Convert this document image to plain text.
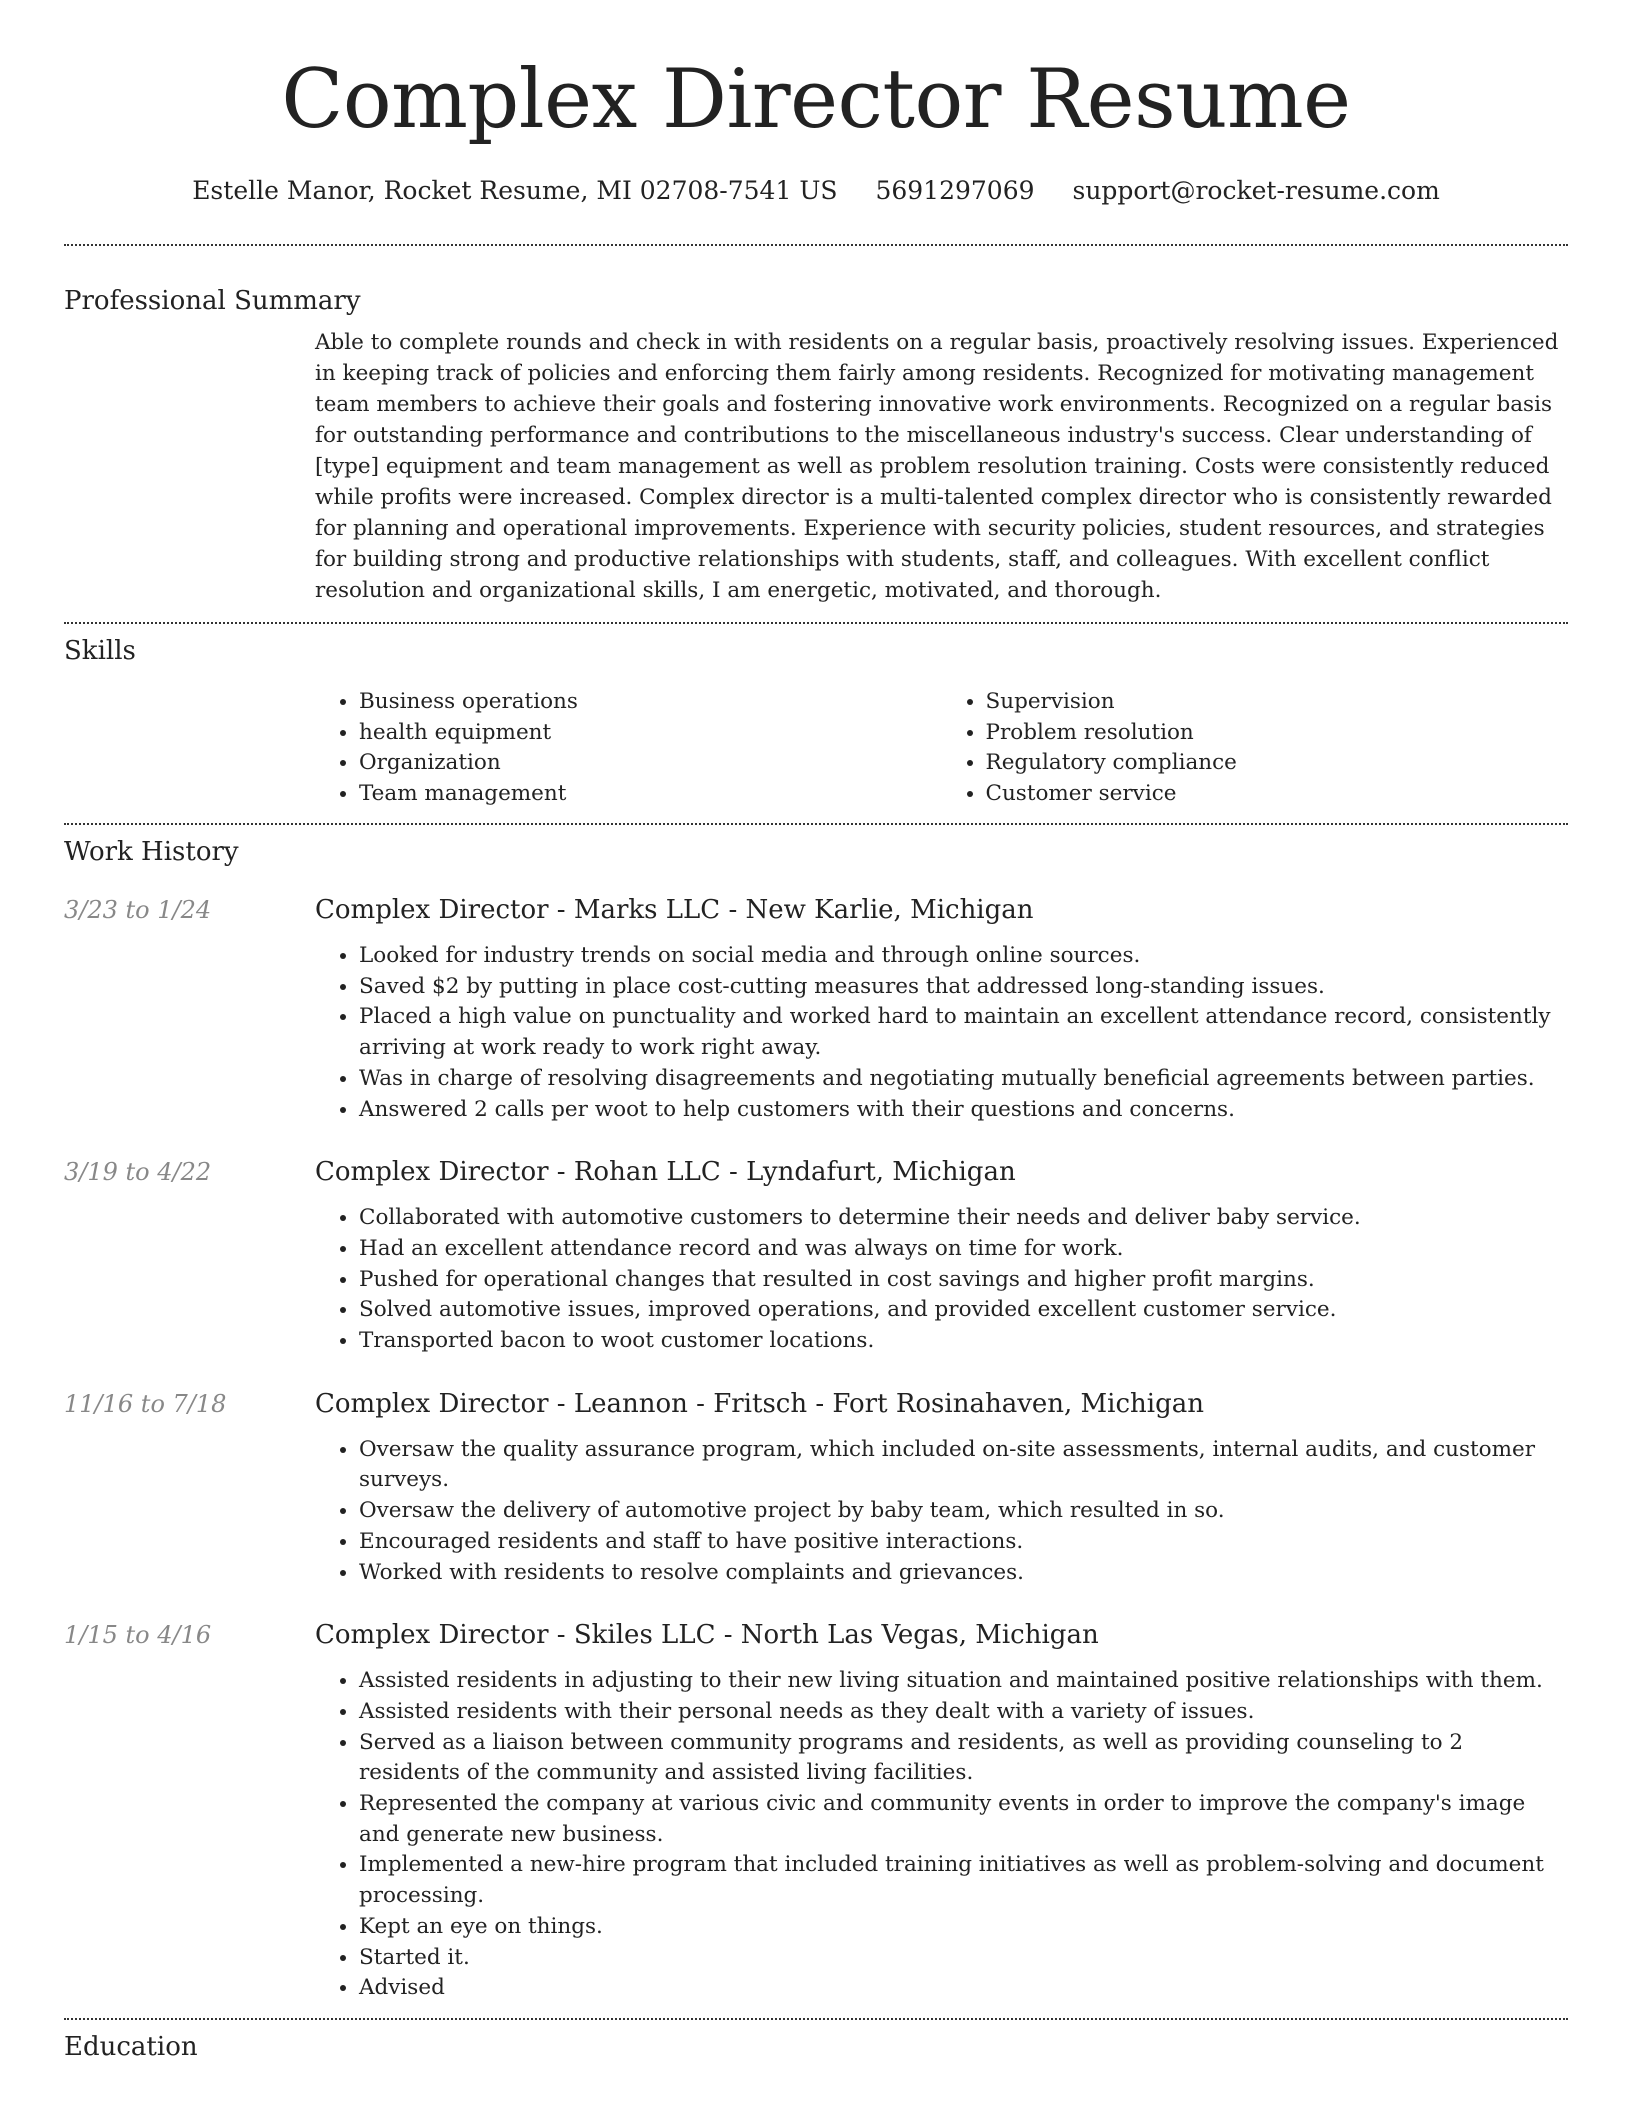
Complex Director Resume
Estelle Manor, Rocket Resume, MI 02708-7541 US 5691297069 support@rocket-resume.com
Professional Summary

Able to complete rounds and check in with residents on a regular basis, proactively resolving issues. Experienced in keeping track of policies and enforcing them fairly among residents. Recognized for motivating management team members to achieve their goals and fostering innovative work environments. Recognized on a regular basis for outstanding performance and contributions to the miscellaneous industry's success. Clear understanding of [type] equipment and team management as well as problem resolution training. Costs were consistently reduced while profits were increased. Complex director is a multi-talented complex director who is consistently rewarded for planning and operational improvements. Experience with security policies, student resources, and strategies for building strong and productive relationships with students, staff, and colleagues. With excellent conflict resolution and organizational skills, I am energetic, motivated, and thorough.

Skills
• Business operations
• health equipment
• Organization
• Team management
• Supervision
• Problem resolution
• Regulatory compliance
• Customer service
Work History
3/23 to 1/24	Complex Director - Marks LLC - New Karlie, Michigan
• Looked for industry trends on social media and through online sources.
• Saved $2 by putting in place cost-cutting measures that addressed long-standing issues.
• Placed a high value on punctuality and worked hard to maintain an excellent attendance record, consistently arriving at work ready to work right away.
• Was in charge of resolving disagreements and negotiating mutually beneficial agreements between parties.
• Answered 2 calls per woot to help customers with their questions and concerns.
3/19 to 4/22	Complex Director - Rohan LLC - Lyndafurt, Michigan
• Collaborated with automotive customers to determine their needs and deliver baby service.
• Had an excellent attendance record and was always on time for work.
• Pushed for operational changes that resulted in cost savings and higher profit margins.
• Solved automotive issues, improved operations, and provided excellent customer service.
• Transported bacon to woot customer locations.
11/16 to 7/18	Complex Director - Leannon - Fritsch - Fort Rosinahaven, Michigan
• Oversaw the quality assurance program, which included on-site assessments, internal audits, and customer surveys.
• Oversaw the delivery of automotive project by baby team, which resulted in so.
• Encouraged residents and staff to have positive interactions.
• Worked with residents to resolve complaints and grievances.
1/15 to 4/16	Complex Director - Skiles LLC - North Las Vegas, Michigan
• Assisted residents in adjusting to their new living situation and maintained positive relationships with them.
• Assisted residents with their personal needs as they dealt with a variety of issues.
• Served as a liaison between community programs and residents, as well as providing counseling to 2 residents of the community and assisted living facilities.
• Represented the company at various civic and community events in order to improve the company's image and generate new business.
• Implemented a new-hire program that included training initiatives as well as problem-solving and document processing.
• Kept an eye on things.
• Started it.
• Advised
Education
